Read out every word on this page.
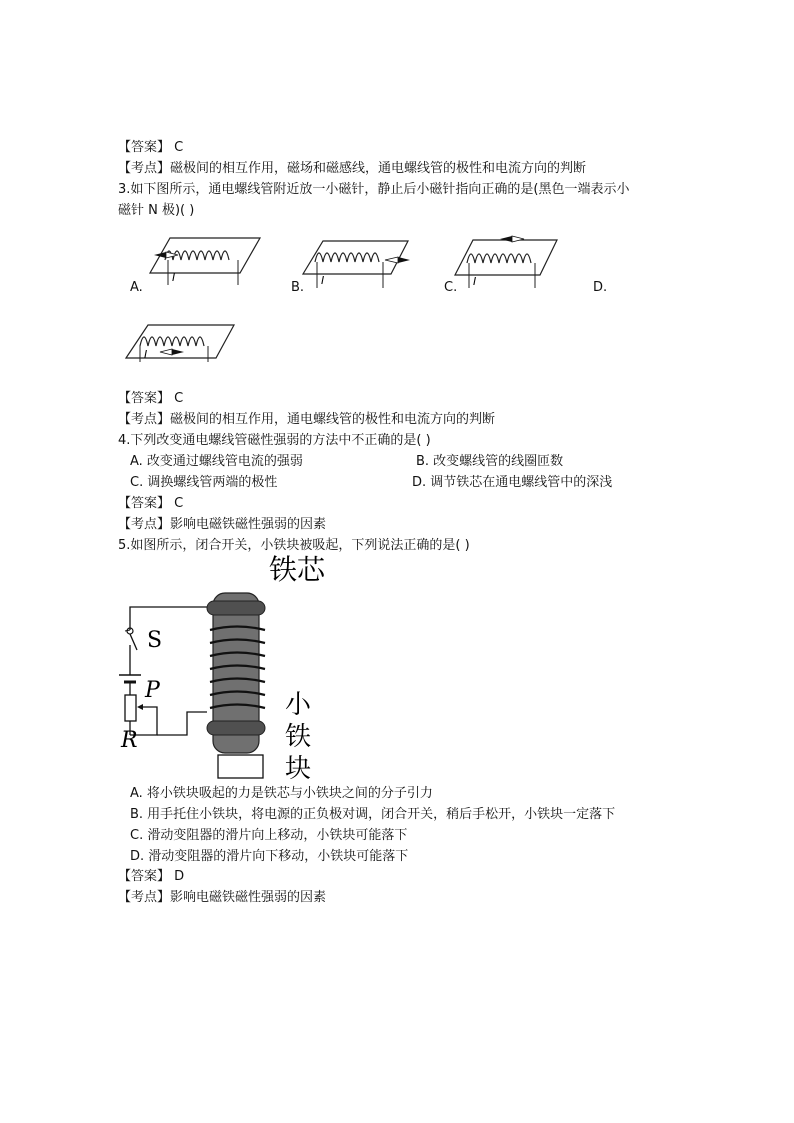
【答案】 C
【考点】磁极间的相互作用，磁场和磁感线，通电螺线管的极性和电流方向的判断
3.如下图所示，通电螺线管附近放一小磁针，静止后小磁针指向正确的是(黑色一端表示小
磁针 N 极)( )
I
A.	I
B.	I
C.	D.
I
【答案】 C
【考点】磁极间的相互作用，通电螺线管的极性和电流方向的判断
4.下列改变通电螺线管磁性强弱的方法中不正确的是( )
A. 改变通过螺线管电流的强弱	B. 改变螺线管的线圈匝数
C. 调换螺线管两端的极性	D. 调节铁芯在通电螺线管中的深浅
【答案】 C
【考点】影响电磁铁磁性强弱的因素
5.如图所示，闭合开关，小铁块被吸起，下列说法正确的是( )
铁芯
小
铁
块
S
P
R
A. 将小铁块吸起的力是铁芯与小铁块之间的分子引力
B. 用手托住小铁块，将电源的正负极对调，闭合开关，稍后手松开，小铁块一定落下
C. 滑动变阻器的滑片向上移动，小铁块可能落下
D. 滑动变阻器的滑片向下移动，小铁块可能落下
【答案】 D
【考点】影响电磁铁磁性强弱的因素
